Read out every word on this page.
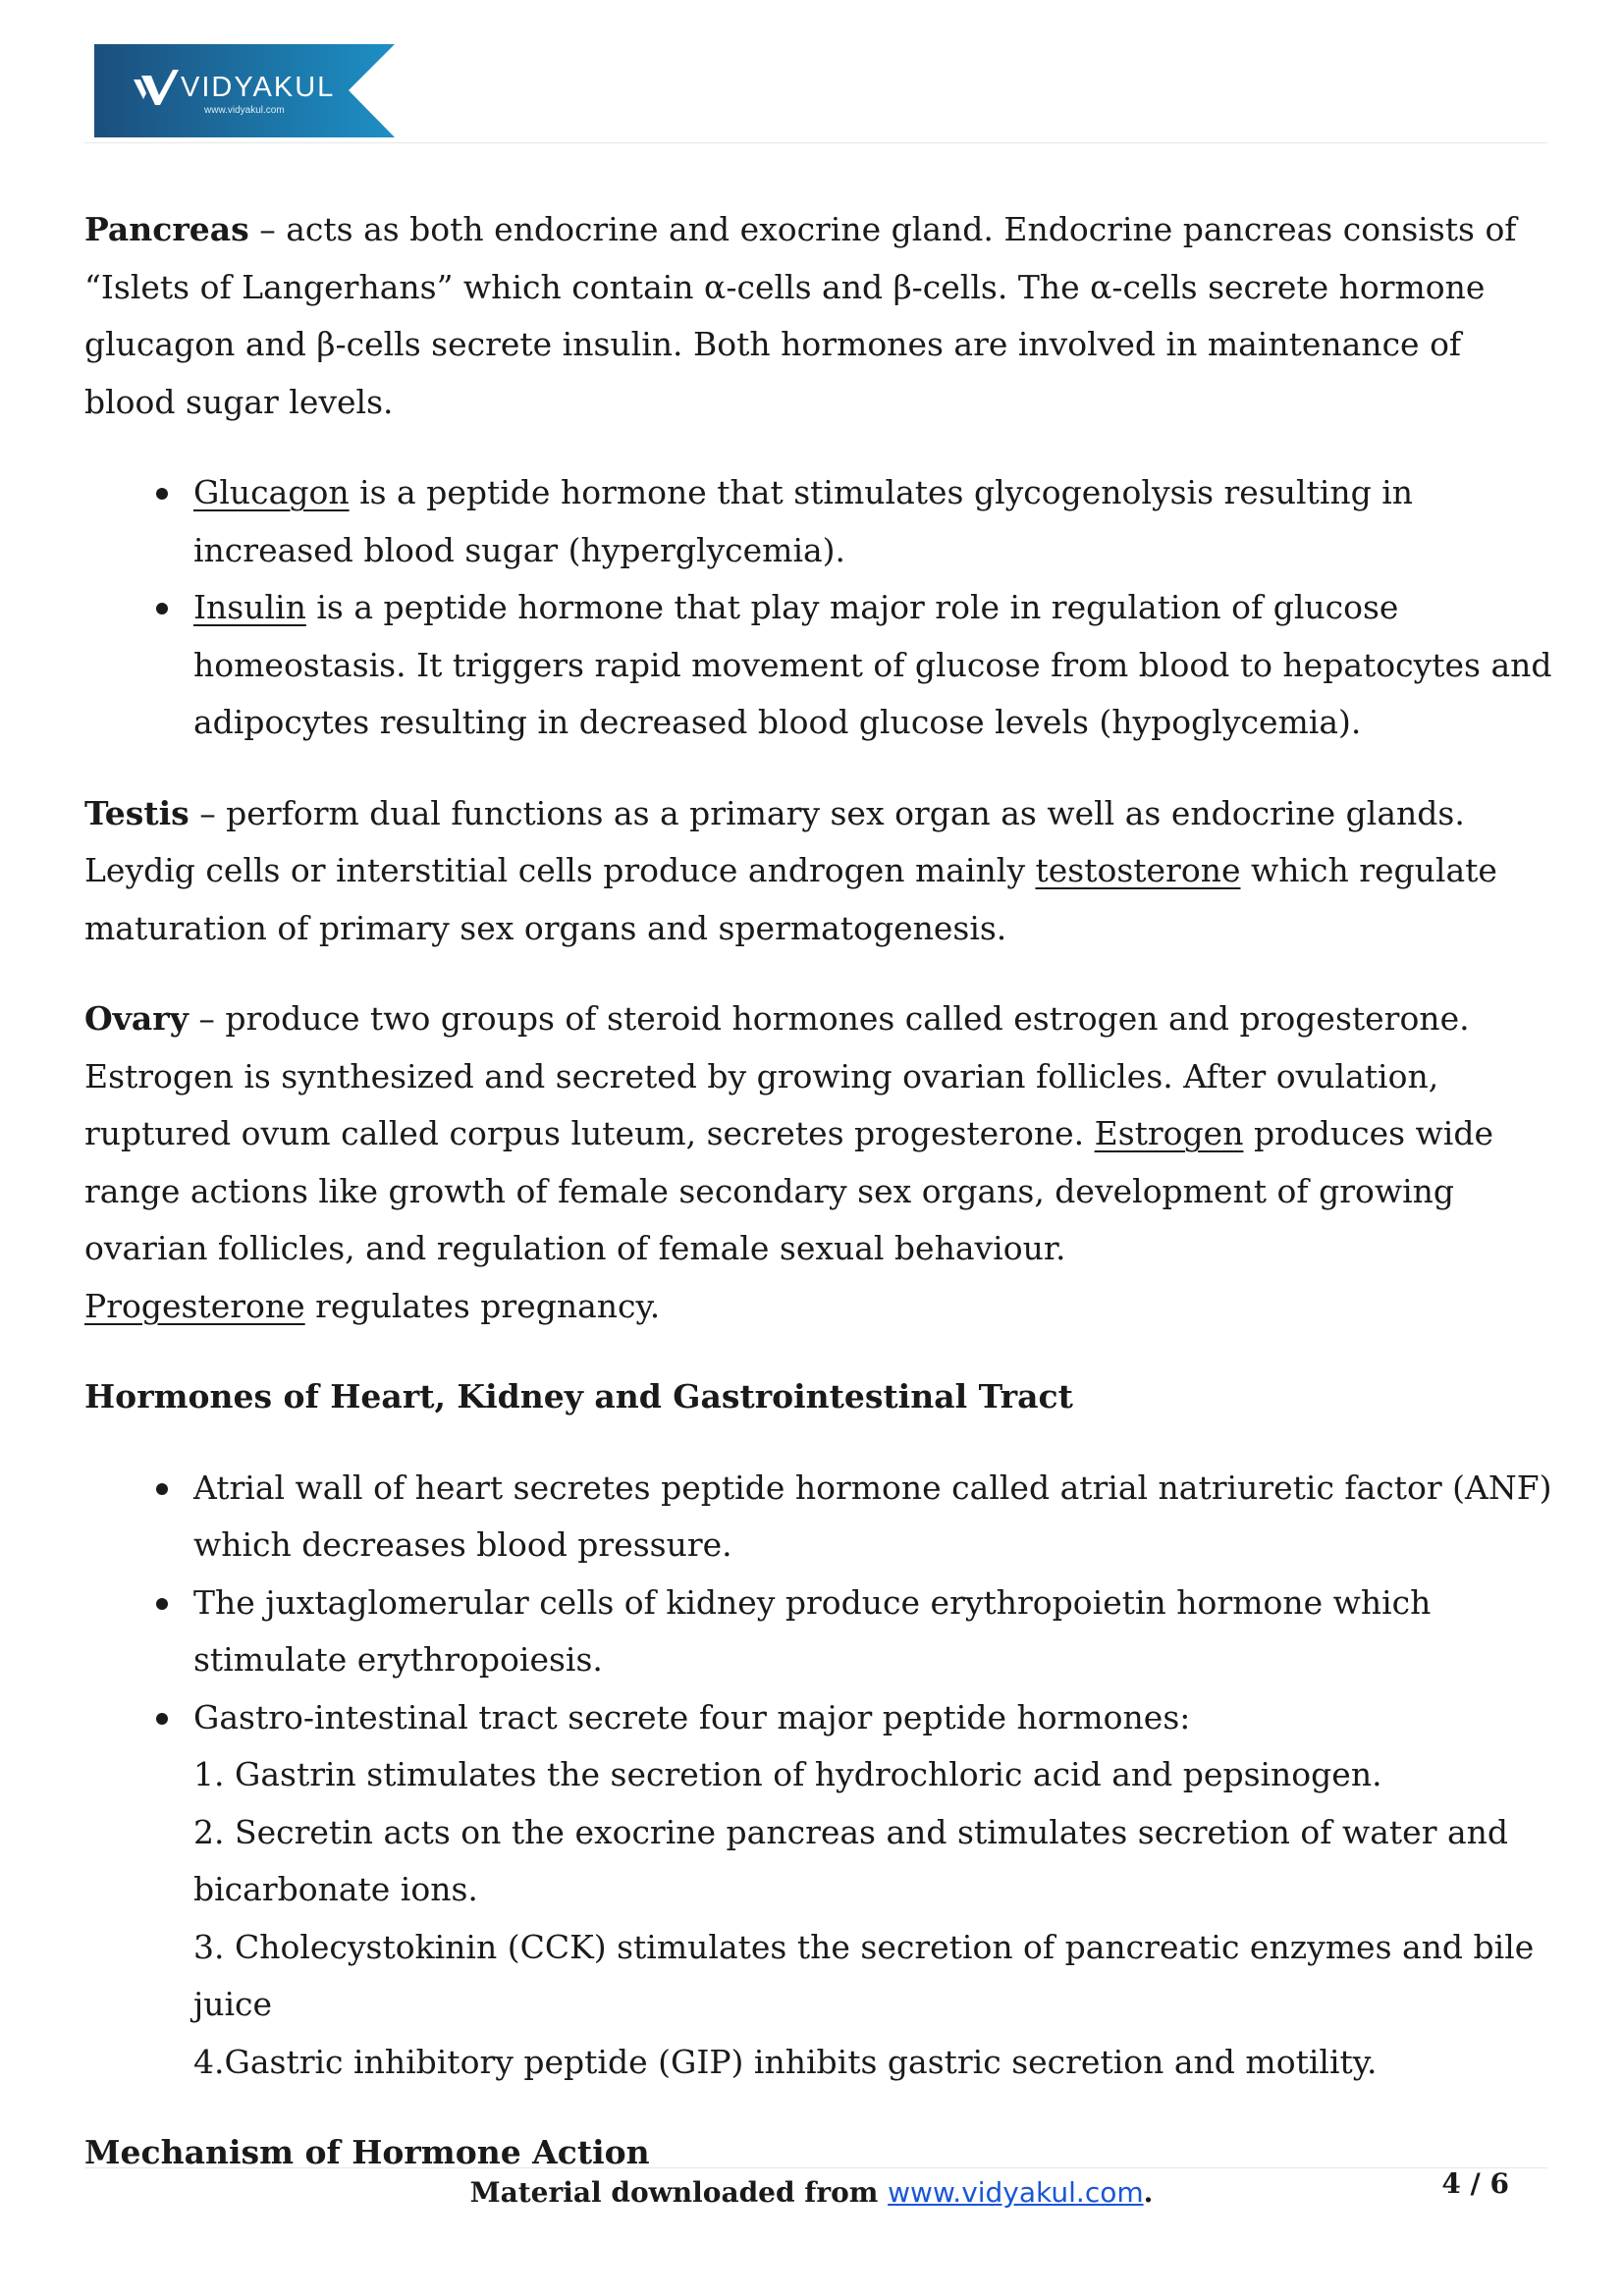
VIDYAKUL
www.vidyakul.com

Pancreas – acts as both endocrine and exocrine gland. Endocrine pancreas consists of “Islets of Langerhans” which contain α-cells and β-cells. The α-cells secrete hormone glucagon and β-cells secrete insulin. Both hormones are involved in maintenance of blood sugar levels.

Glucagon is a peptide hormone that stimulates glycogenolysis resulting in increased blood sugar (hyperglycemia).
Insulin is a peptide hormone that play major role in regulation of glucose homeostasis. It triggers rapid movement of glucose from blood to hepatocytes and adipocytes resulting in decreased blood glucose levels (hypoglycemia).

Testis – perform dual functions as a primary sex organ as well as endocrine glands. Leydig cells or interstitial cells produce androgen mainly testosterone which regulate maturation of primary sex organs and spermatogenesis.

Ovary – produce two groups of steroid hormones called estrogen and progesterone. Estrogen is synthesized and secreted by growing ovarian follicles. After ovulation, ruptured ovum called corpus luteum, secretes progesterone. Estrogen produces wide range actions like growth of female secondary sex organs, development of growing ovarian follicles, and regulation of female sexual behaviour.
Progesterone regulates pregnancy.

Hormones of Heart, Kidney and Gastrointestinal Tract

Atrial wall of heart secretes peptide hormone called atrial natriuretic factor (ANF) which decreases blood pressure.
The juxtaglomerular cells of kidney produce erythropoietin hormone which stimulate erythropoiesis.
Gastro-intestinal tract secrete four major peptide hormones:
1. Gastrin stimulates the secretion of hydrochloric acid and pepsinogen.
2. Secretin acts on the exocrine pancreas and stimulates secretion of water and bicarbonate ions.
3. Cholecystokinin (CCK) stimulates the secretion of pancreatic enzymes and bile juice
4.Gastric inhibitory peptide (GIP) inhibits gastric secretion and motility.

Mechanism of Hormone Action

Material downloaded from www.vidyakul.com.	4 / 6
